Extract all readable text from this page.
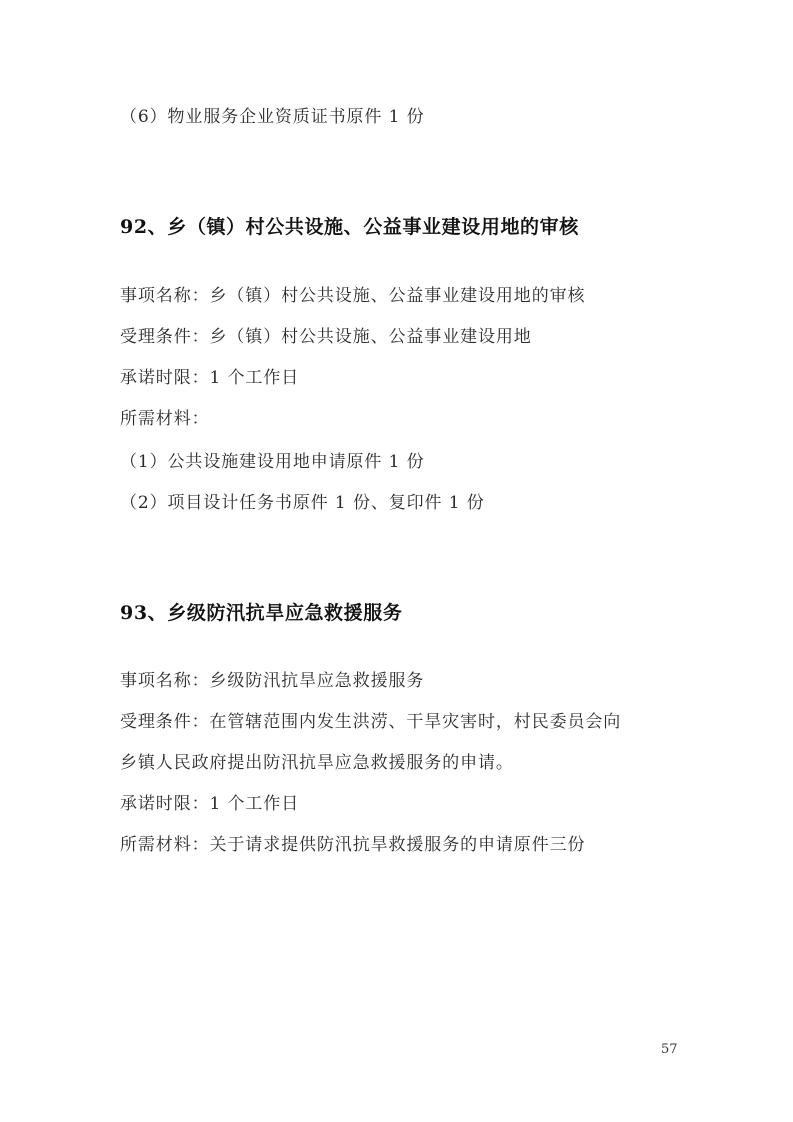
（6）物业服务企业资质证书原件 1 份
92、乡（镇）村公共设施、公益事业建设用地的审核
事项名称：乡（镇）村公共设施、公益事业建设用地的审核
受理条件：乡（镇）村公共设施、公益事业建设用地
承诺时限：1 个工作日
所需材料：
（1）公共设施建设用地申请原件 1 份
（2）项目设计任务书原件 1 份、复印件 1 份
93、乡级防汛抗旱应急救援服务
事项名称：乡级防汛抗旱应急救援服务
受理条件：在管辖范围内发生洪涝、干旱灾害时，村民委员会向
乡镇人民政府提出防汛抗旱应急救援服务的申请。
承诺时限：1 个工作日
所需材料：关于请求提供防汛抗旱救援服务的申请原件三份
57
